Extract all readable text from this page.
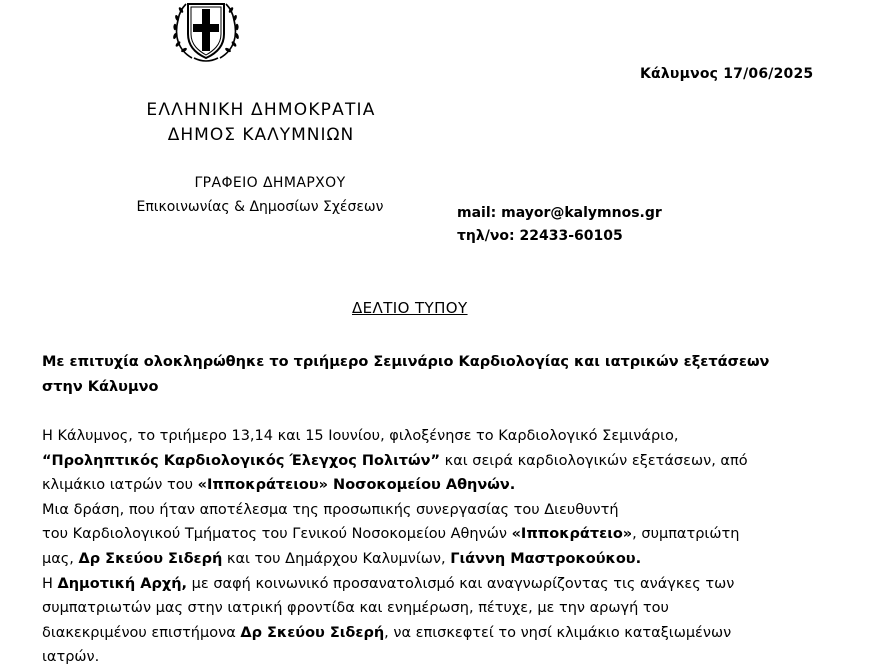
Κάλυμνος 17/06/2025
ΕΛΛΗΝΙΚΗ ΔΗΜΟΚΡΑΤΙΑ
ΔΗΜΟΣ ΚΑΛΥΜΝΙΩΝ
ΓΡΑΦΕΙΟ ΔΗΜΑΡΧΟΥ
Επικοινωνίας & Δημοσίων Σχέσεων	mail: mayor@kalymnos.gr
τηλ/νο: 22433-60105
ΔΕΛΤΙΟ ΤΥΠΟΥ
Με επιτυχία ολοκληρώθηκε το τριήμερο Σεμινάριο Καρδιολογίας και ιατρικών εξετάσεων
στην Κάλυμνο
Η Κάλυμνος, το τριήμερο 13,14 και 15 Ιουνίου, φιλοξένησε το Καρδιολογικό Σεμινάριο,
“Προληπτικός Καρδιολογικός Έλεγχος Πολιτών” και σειρά καρδιολογικών εξετάσεων, από
κλιμάκιο ιατρών του «Ιπποκράτειου» Νοσοκομείου Αθηνών.
Μια δράση, που ήταν αποτέλεσμα της προσωπικής συνεργασίας του Διευθυντή
του Καρδιολογικού Τμήματος του Γενικού Νοσοκομείου Αθηνών «Ιπποκράτειο», συμπατριώτη
μας, Δρ Σκεύου Σιδερή και του Δημάρχου Καλυμνίων, Γιάννη Μαστροκούκου.
Η Δημοτική Αρχή, με σαφή κοινωνικό προσανατολισμό και αναγνωρίζοντας τις ανάγκες των
συμπατριωτών μας στην ιατρική φροντίδα και ενημέρωση, πέτυχε, με την αρωγή του
διακεκριμένου επιστήμονα Δρ Σκεύου Σιδερή, να επισκεφτεί το νησί κλιμάκιο καταξιωμένων
ιατρών.
